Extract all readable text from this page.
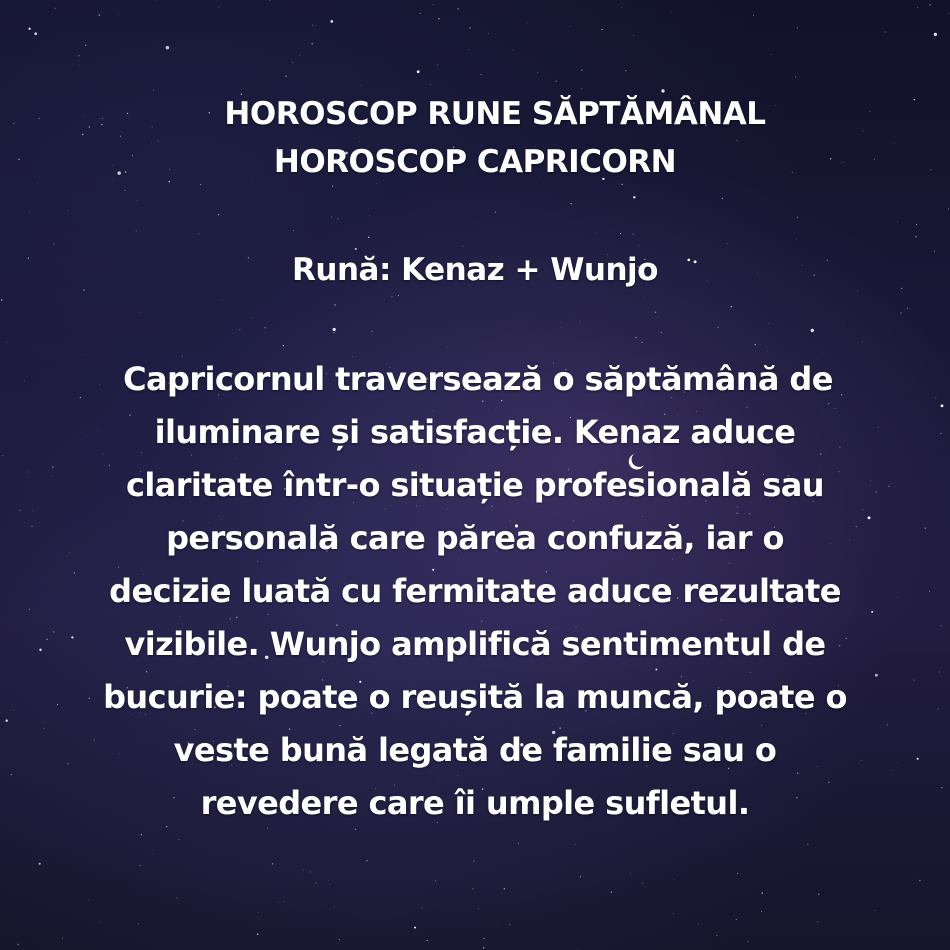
HOROSCOP RUNE SĂPTĂMÂNAL
HOROSCOP CAPRICORN
Rună: Kenaz + Wunjo
Capricornul traversează o săptămână de
iluminare și satisfacție. Kenaz aduce
claritate într-o situație profesională sau
personală care părea confuză, iar o
decizie luată cu fermitate aduce rezultate
vizibile. Wunjo amplifică sentimentul de
bucurie: poate o reușită la muncă, poate o
veste bună legată de familie sau o
revedere care îi umple sufletul.
